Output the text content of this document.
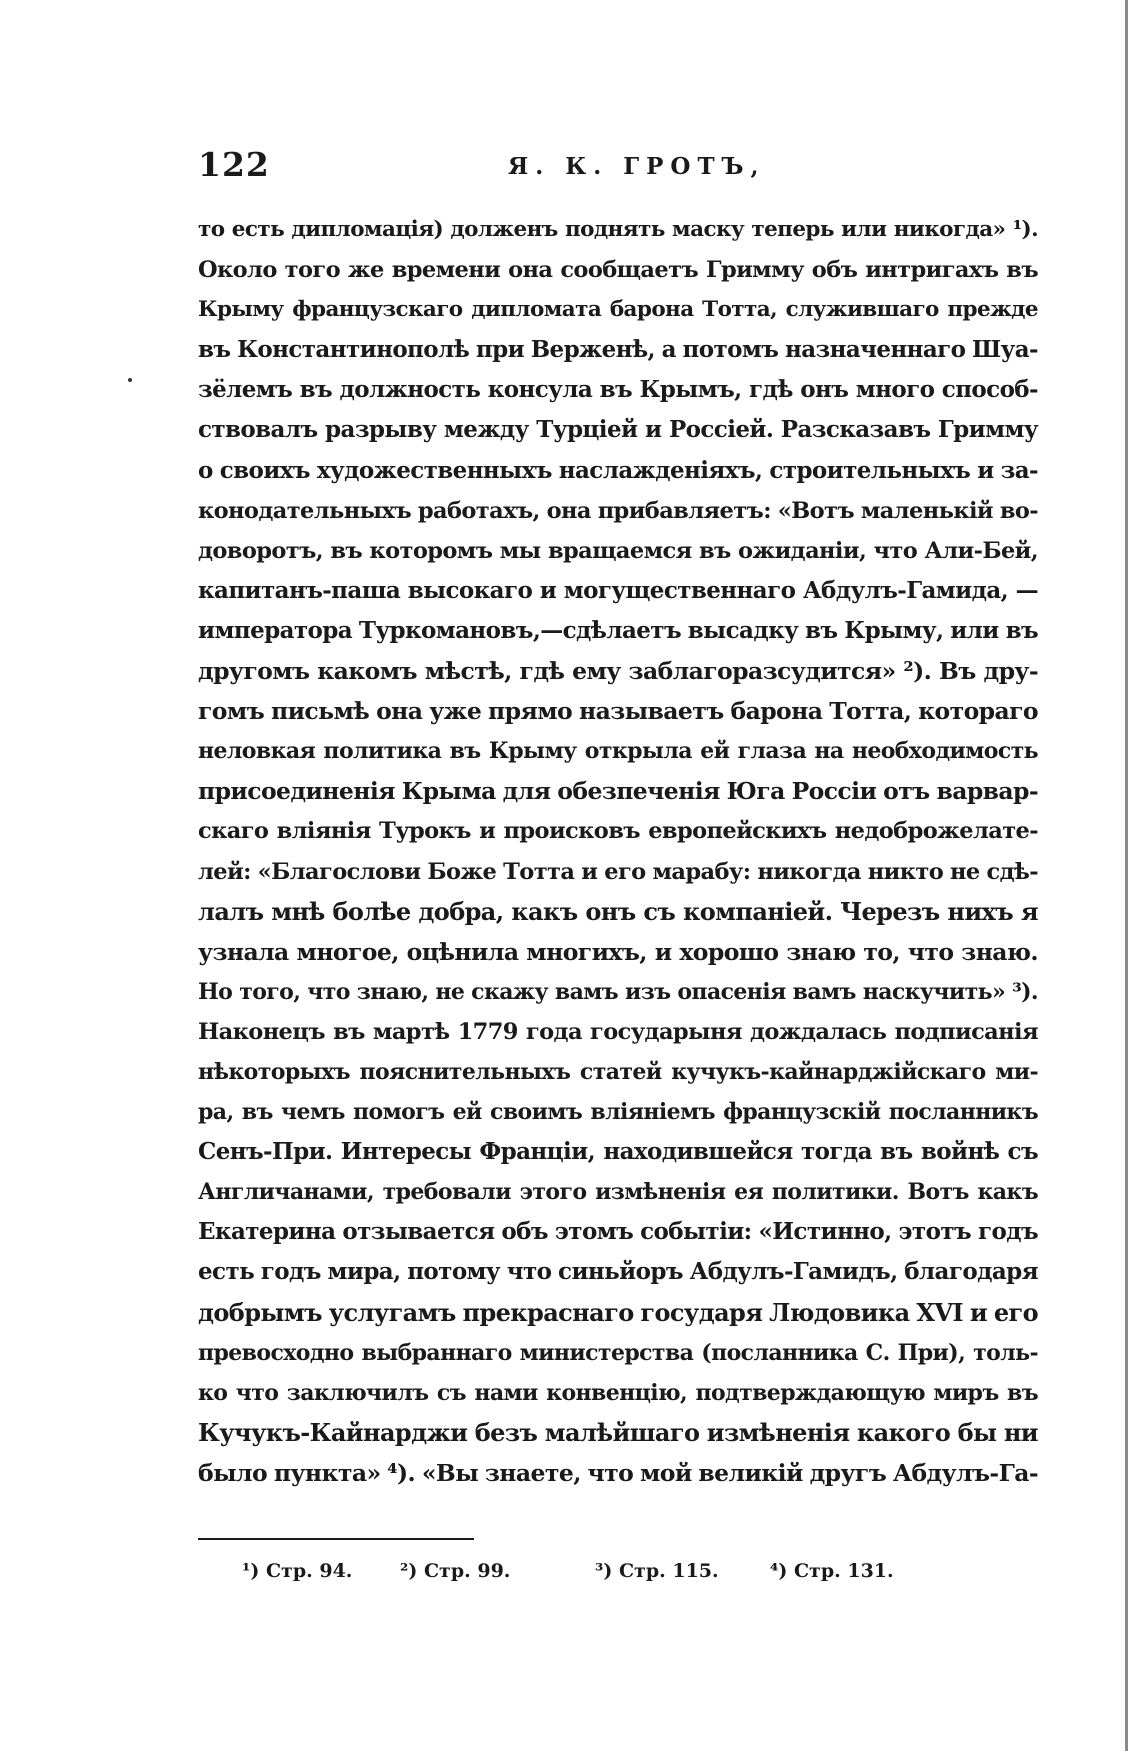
122	Я. К. ГРОТЪ,
то есть дипломація) долженъ поднять маску теперь или никогда» ¹).
Около того же времени она сообщаетъ Гримму объ интригахъ въ
Крыму французскаго дипломата барона Тотта, служившаго прежде
въ Константинополѣ при Верженѣ, а потомъ назначеннаго Шуа-
зёлемъ въ должность консула въ Крымъ, гдѣ онъ много способ-
ствовалъ разрыву между Турціей и Россіей. Разсказавъ Гримму
о своихъ художественныхъ наслажденіяхъ, строительныхъ и за-
конодательныхъ работахъ, она прибавляетъ: «Вотъ маленькій во-
доворотъ, въ которомъ мы вращаемся въ ожиданіи, что Али-Бей,
капитанъ-паша высокаго и могущественнаго Абдулъ-Гамида, —
императора Туркомановъ,—сдѣлаетъ высадку въ Крыму, или въ
другомъ какомъ мѣстѣ, гдѣ ему заблагоразсудится» ²). Въ дру-
гомъ письмѣ она уже прямо называетъ барона Тотта, котораго
неловкая политика въ Крыму открыла ей глаза на необходимость
присоединенія Крыма для обезпеченія Юга Россіи отъ варвар-
скаго вліянія Турокъ и происковъ европейскихъ недоброжелате-
лей: «Благослови Боже Тотта и его марабу: никогда никто не сдѣ-
лалъ мнѣ болѣе добра, какъ онъ съ компаніей. Черезъ нихъ я
узнала многое, оцѣнила многихъ, и хорошо знаю то, что знаю.
Но того, что знаю, не скажу вамъ изъ опасенія вамъ наскучить» ³).
Наконецъ въ мартѣ 1779 года государыня дождалась подписанія
нѣкоторыхъ пояснительныхъ статей кучукъ-кайнарджійскаго ми-
ра, въ чемъ помогъ ей своимъ вліяніемъ французскій посланникъ
Сенъ-При. Интересы Франціи, находившейся тогда въ войнѣ съ
Англичанами, требовали этого измѣненія ея политики. Вотъ какъ
Екатерина отзывается объ этомъ событіи: «Истинно, этотъ годъ
есть годъ мира, потому что синьйоръ Абдулъ-Гамидъ, благодаря
добрымъ услугамъ прекраснаго государя Людовика XVI и его
превосходно выбраннаго министерства (посланника С. При), толь-
ко что заключилъ съ нами конвенцію, подтверждающую миръ въ
Кучукъ-Кайнарджи безъ малѣйшаго измѣненія какого бы ни
было пункта» ⁴). «Вы знаете, что мой великій другъ Абдулъ-Га-
¹) Стр. 94.	²) Стр. 99.	³) Стр. 115.	⁴) Стр. 131.
